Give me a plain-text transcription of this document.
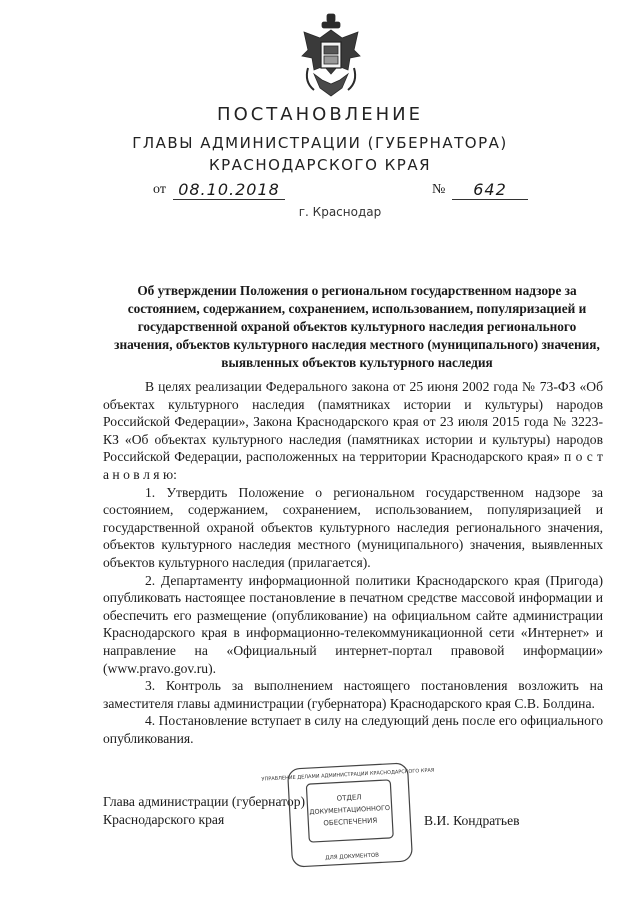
ПОСТАНОВЛЕНИЕ
ГЛАВЫ АДМИНИСТРАЦИИ (ГУБЕРНАТОРА)
КРАСНОДАРСКОГО КРАЯ
от 08.10.2018	№	642
г. Краснодар
Об утверждении Положения о региональном государственном надзоре за состоянием, содержанием, сохранением, использованием, популяризацией и государственной охраной объектов культурного наследия регионального значения, объектов культурного наследия местного (муниципального) значения, выявленных объектов культурного наследия

В целях реализации Федерального закона от 25 июня 2002 года № 73-ФЗ «Об объектах культурного наследия (памятниках истории и культуры) народов Российской Федерации», Закона Краснодарского края от 23 июля 2015 года № 3223-КЗ «Об объектах культурного наследия (памятниках истории и культуры) народов Российской Федерации, расположенных на территории Краснодарского края» п о с т а н о в л я ю:

1. Утвердить Положение о региональном государственном надзоре за состоянием, содержанием, сохранением, использованием, популяризацией и государственной охраной объектов культурного наследия регионального значения, объектов культурного наследия местного (муниципального) значения, выявленных объектов культурного наследия (прилагается).

2. Департаменту информационной политики Краснодарского края (Пригода) опубликовать настоящее постановление в печатном средстве массовой информации и обеспечить его размещение (опубликование) на официальном сайте администрации Краснодарского края в информационно-телекоммуникационной сети «Интернет» и направление на «Официальный интернет-портал правовой информации» (www.pravo.gov.ru).

3. Контроль за выполнением настоящего постановления возложить на заместителя главы администрации (губернатора) Краснодарского края С.В. Болдина.

4. Постановление вступает в силу на следующий день после его официального опубликования.

Глава администрации (губернатор)
Краснодарского края	В.И. Кондратьев
ОТДЕЛ
ДОКУМЕНТАЦИОННОГО
ОБЕСПЕЧЕНИЯ
УПРАВЛЕНИЕ ДЕЛАМИ АДМИНИСТРАЦИИ КРАСНОДАРСКОГО КРАЯ
ДЛЯ ДОКУМЕНТОВ
